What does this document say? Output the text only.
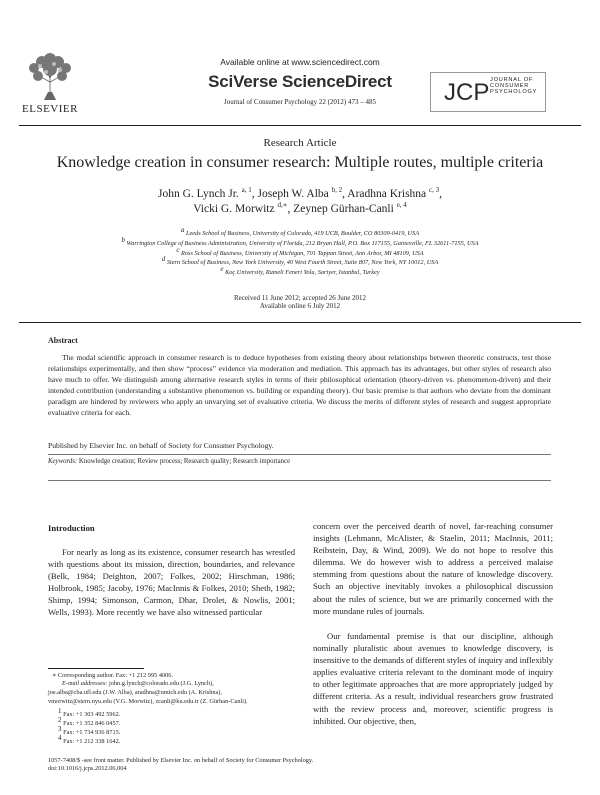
ELSEVIER
Available online at www.sciencedirect.com
SciVerse ScienceDirect
Journal of Consumer Psychology 22 (2012) 473 – 485	JCP JOURNAL OF
CONSUMER
PSYCHOLOGY
Research Article
Knowledge creation in consumer research: Multiple routes, multiple criteria
John G. Lynch Jr. $^{a, 1}$, Joseph W. Alba $^{b, 2}$, Aradhna Krishna $^{c, 3}$,
Vicki G. Morwitz $^{d,∗}$, Zeynep Gürhan-Canli $^{e, 4}$
$^a$ Leeds School of Business, University of Colorado, 419 UCB, Boulder, CO 80309-0419, USA
$^b$ Warrington College of Business Administration, University of Florida, 212 Bryan Hall, P.O. Box 117155, Gainesville, FL 32611-7155, USA
$^c$ Ross School of Business, University of Michigan, 701 Tappan Street, Ann Arbor, MI 48109, USA
$^d$ Stern School of Business, New York University, 40 West Fourth Street, Suite 807, New York, NY 10012, USA
$^e$ Koç University, Rumeli Feneri Yolu, Sariyer, Istanbul, Turkey
Received 11 June 2012; accepted 26 June 2012
Available online 6 July 2012
Abstract
The modal scientific approach in consumer research is to deduce hypotheses from existing theory about relationships between theoretic constructs, test those relationships experimentally, and then show “process” evidence via moderation and mediation. This approach has its advantages, but other styles of research also have much to offer. We distinguish among alternative research styles in terms of their philosophical orientation (theory-driven vs. phenomenon-driven) and their intended contribution (understanding a substantive phenomenon vs. building or expanding theory). Our basic premise is that authors who deviate from the dominant paradigm are hindered by reviewers who apply an unvarying set of evaluative criteria. We discuss the merits of different styles of research and suggest appropriate evaluative criteria for each.
Published by Elsevier Inc. on behalf of Society for Consumer Psychology.
Keywords: Knowledge creation; Review process; Research quality; Research importance
Introduction
For nearly as long as its existence, consumer research has wrestled with questions about its mission, direction, boundaries, and relevance (Belk, 1984; Deighton, 2007; Folkes, 2002; Hirschman, 1986; Holbrook, 1985; Jacoby, 1976; MacInnis & Folkes, 2010; Sheth, 1982; Shimp, 1994; Simonson, Carmon, Dhar, Drolet, & Nowlis, 2001; Wells, 1993). More recently we have also witnessed particular
concern over the perceived dearth of novel, far-reaching consumer insights (Lehmann, McAlister, & Staelin, 2011; MacInnis, 2011; Reibstein, Day, & Wind, 2009). We do not hope to resolve this dilemma. We do however wish to address a perceived malaise stemming from questions about the nature of knowledge discovery. Such an objective inevitably invokes a philosophical discussion about the rules of science, but we are primarily concerned with the more mundane rules of journals.
Our fundamental premise is that our discipline, although nominally pluralistic about avenues to knowledge discovery, is insensitive to the demands of different styles of inquiry and inflexibly applies evaluative criteria relevant to the dominant mode of inquiry to other legitimate approaches that are more appropriately judged by different criteria. As a result, individual researchers grow frustrated with the review process and, moreover, scientific progress is inhibited. Our objective, then,
∗ Corresponding author. Fax: +1 212 995 4006.
E-mail addresses: john.g.lynch@colorado.edu (J.G. Lynch),
joe.alba@cba.ufl.edu (J.W. Alba), aradhna@umich.edu (A. Krishna),
vmorwitz@stern.nyu.edu (V.G. Morwitz), zcanli@ku.edu.tr (Z. Gürhan-Canli).
$^1$ Fax: +1 303 492 5962.
$^2$ Fax: +1 352 846 0457.
$^3$ Fax: +1 734 936 8715.
$^4$ Fax: +1 212 338 1642.
1057-7408/$ -see front matter. Published by Elsevier Inc. on behalf of Society for Consumer Psychology.
doi:10.1016/j.jcps.2012.06.004
